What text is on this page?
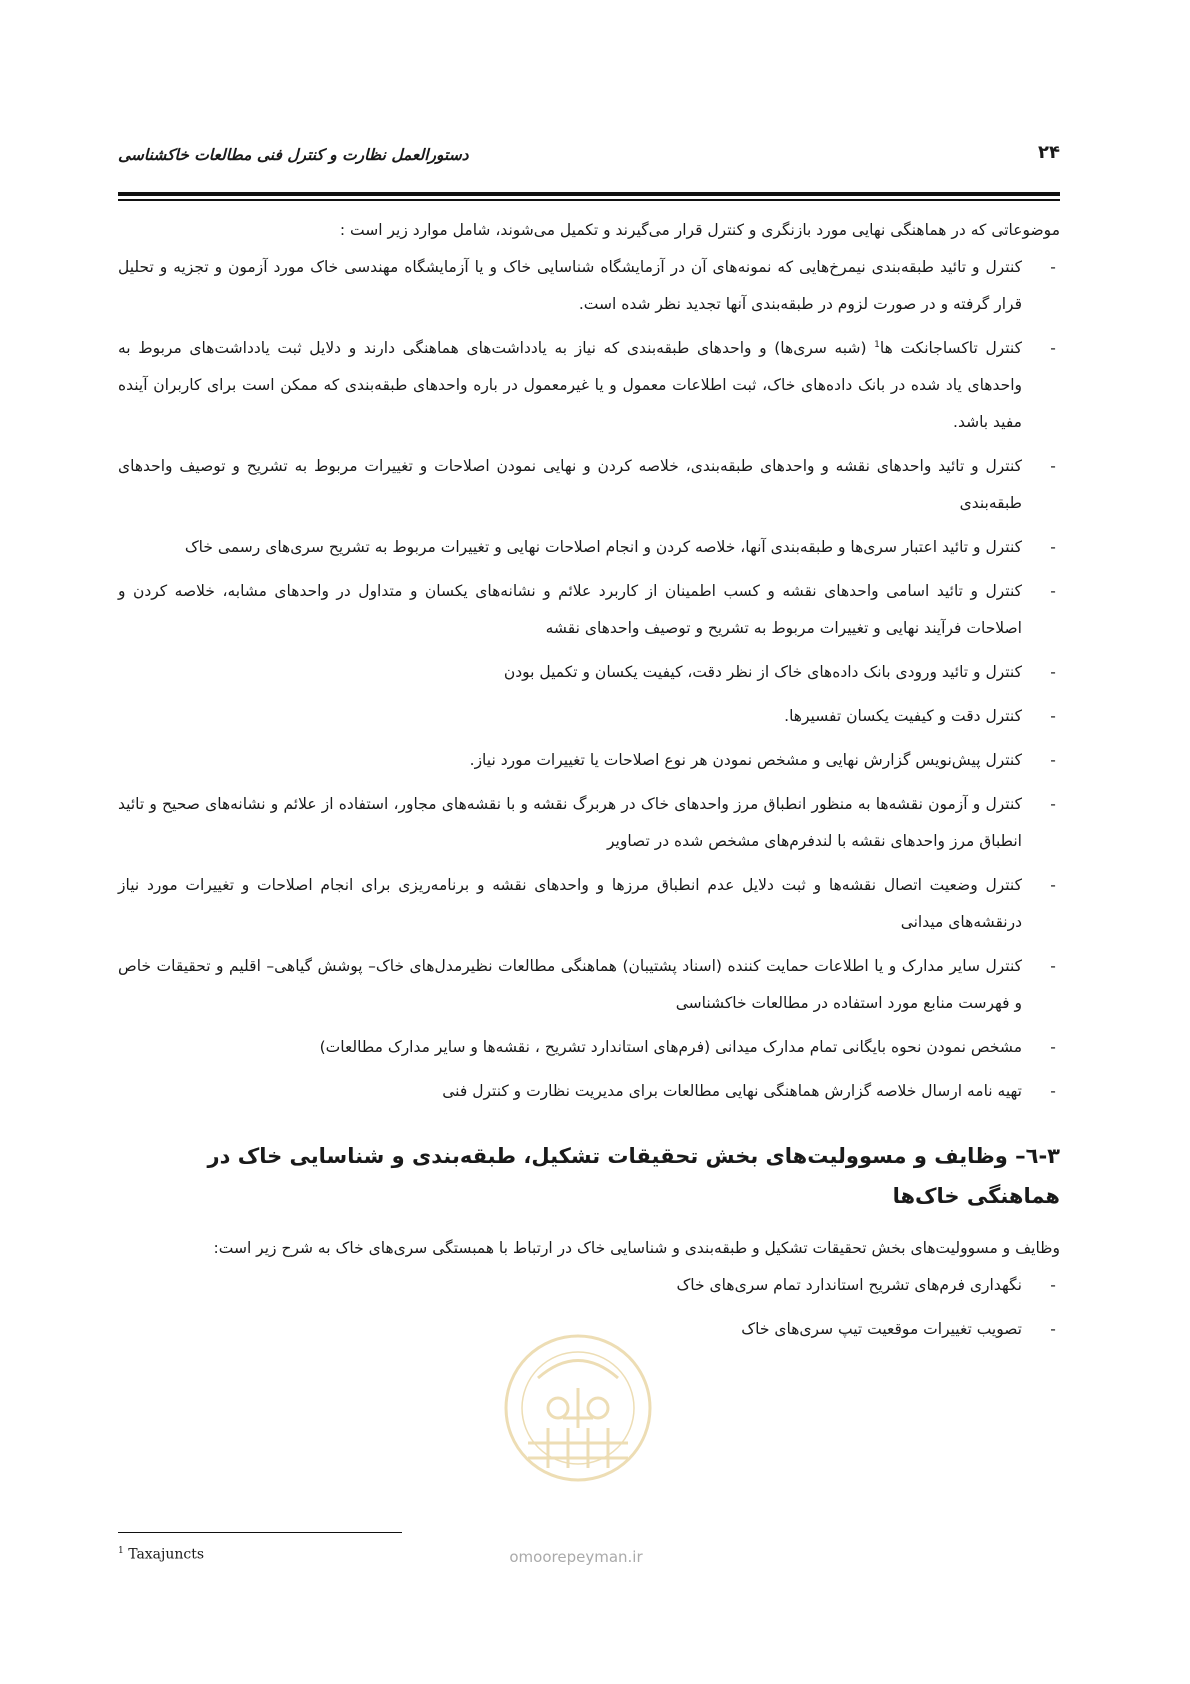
۲۴
دستورالعمل نظارت و کنترل فنی مطالعات خاکشناسی

موضوعاتی که در هماهنگی نهایی مورد بازنگری و کنترل قرار می‌گیرند و تکمیل می‌شوند، شامل موارد زیر است :

-
کنترل و تائید طبقه‌بندی نیمرخ‌هایی که نمونه‌های آن در آزمایشگاه شناسایی خاک و یا آزمایشگاه مهندسی خاک مورد آزمون و تجزیه و تحلیل قرار گرفته و در صورت لزوم در طبقه‌بندی آنها تجدید نظر شده است.
-
کنترل تاکساجانکت ها$^1$ (شبه سری‌ها) و واحدهای طبقه‌بندی که نیاز به یادداشت‌های هماهنگی دارند و دلایل ثبت یادداشت‌های مربوط به واحدهای یاد شده در بانک داده‌های خاک، ثبت اطلاعات معمول و یا غیرمعمول در باره واحدهای طبقه‌بندی که ممکن است برای کاربران آینده مفید باشد.
-
کنترل و تائید واحدهای نقشه و واحدهای طبقه‌بندی، خلاصه کردن و نهایی نمودن اصلاحات و تغییرات مربوط به تشریح و توصیف واحدهای طبقه‌بندی
-
کنترل و تائید اعتبار سری‌ها و طبقه‌بندی آنها، خلاصه کردن و انجام اصلاحات نهایی و تغییرات مربوط به تشریح سری‌های رسمی خاک
-
کنترل و تائید اسامی واحدهای نقشه و کسب اطمینان از کاربرد علائم و نشانه‌های یکسان و متداول در واحدهای مشابه، خلاصه کردن و اصلاحات فرآیند نهایی و تغییرات مربوط به تشریح و توصیف واحدهای نقشه
-
کنترل و تائید ورودی بانک داده‌های خاک از نظر دقت، کیفیت یکسان و تکمیل بودن
-
کنترل دقت و کیفیت یکسان تفسیرها.
-
کنترل پیش‌نویس گزارش نهایی و مشخص نمودن هر نوع اصلاحات یا تغییرات مورد نیاز.
-
کنترل و آزمون نقشه‌ها به منظور انطباق مرز واحدهای خاک در هربرگ نقشه و با نقشه‌های مجاور، استفاده از علائم و نشانه‌های صحیح و تائید انطباق مرز واحدهای نقشه با لندفرم‌های مشخص شده در تصاویر
-
کنترل وضعیت اتصال نقشه‌ها و ثبت دلایل عدم انطباق مرزها و واحدهای نقشه و برنامه‌ریزی برای انجام اصلاحات و تغییرات مورد نیاز درنقشه‌های میدانی
-
کنترل سایر مدارک و یا اطلاعات حمایت کننده (اسناد پشتیبان) هماهنگی مطالعات نظیرمدل‌های خاک– پوشش گیاهی– اقلیم و تحقیقات خاص و فهرست منابع مورد استفاده در مطالعات خاکشناسی
-
مشخص نمودن نحوه بایگانی تمام مدارک میدانی (فرم‌های استاندارد تشریح ، نقشه‌ها و سایر مدارک مطالعات)
-
تهیه نامه ارسال خلاصه گزارش هماهنگی نهایی مطالعات برای مدیریت نظارت و کنترل فنی
۳-٦– وظایف و مسوولیت‌های بخش تحقیقات تشکیل، طبقه‌بندی و شناسایی خاک در هماهنگی خاک‌ها

وظایف و مسوولیت‌های بخش تحقیقات تشکیل و طبقه‌بندی و شناسایی خاک در ارتباط با همبستگی سری‌های خاک به شرح زیر است:

-
نگهداری فرم‌های تشریح استاندارد تمام سری‌های خاک
-
تصویب تغییرات موقعیت تیپ سری‌های خاک
omoorepeyman.ir
$^1$ Taxajuncts
